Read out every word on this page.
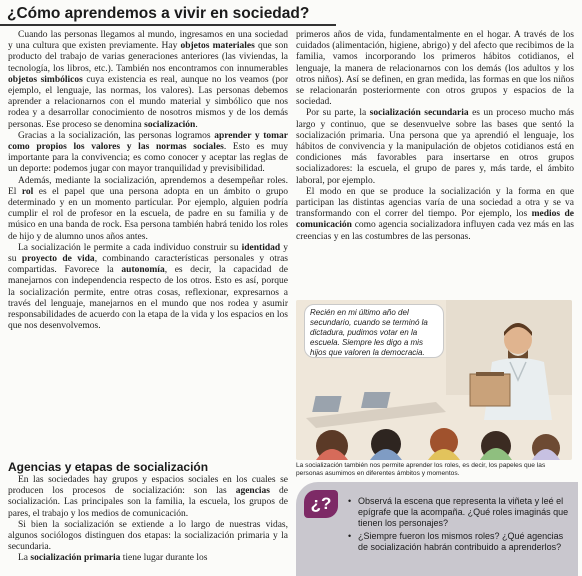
¿Cómo aprendemos a vivir en sociedad?

Cuando las personas llegamos al mundo, ingresamos en una sociedad y una cultura que existen previamente. Hay objetos materiales que son producto del trabajo de varias generaciones anteriores (las viviendas, la tecnología, los libros, etc.). También nos encontramos con innumerables objetos simbólicos cuya existencia es real, aunque no los veamos (por ejemplo, el lenguaje, las normas, los valores). Las personas debemos aprender a relacionarnos con el mundo material y simbólico que nos rodea y a desarrollar conocimiento de nosotros mismos y de los demás personas. Ese proceso se denomina socialización.

Gracias a la socialización, las personas logramos aprender y tomar como propios los valores y las normas sociales. Esto es muy importante para la convivencia; es como conocer y aceptar las reglas de un deporte: podemos jugar con mayor tranquilidad y previsibilidad.

Además, mediante la socialización, aprendemos a desempeñar roles. El rol es el papel que una persona adopta en un ámbito o grupo determinado y en un momento particular. Por ejemplo, alguien podría cumplir el rol de profesor en la escuela, de padre en su familia y de músico en una banda de rock. Esa persona también habrá tenido los roles de hijo y de alumno unos años antes.

La socialización le permite a cada individuo construir su identidad y su proyecto de vida, combinando características personales y otras compartidas. Favorece la autonomía, es decir, la capacidad de manejarnos con independencia respecto de los otros. Esto es así, porque la socialización permite, entre otras cosas, reflexionar, expresarnos a través del lenguaje, manejarnos en el mundo que nos rodea y asumir responsabilidades de acuerdo con la etapa de la vida y los espacios en los que nos desenvolvemos.

Agencias y etapas de socialización

En las sociedades hay grupos y espacios sociales en los cuales se producen los procesos de socialización: son las agencias de socialización. Las principales son la familia, la escuela, los grupos de pares, el trabajo y los medios de comunicación.

Si bien la socialización se extiende a lo largo de nuestras vidas, algunos sociólogos distinguen dos etapas: la socialización primaria y la secundaria.

La socialización primaria tiene lugar durante los

primeros años de vida, fundamentalmente en el hogar. A través de los cuidados (alimentación, higiene, abrigo) y del afecto que recibimos de la familia, vamos incorporando los primeros hábitos cotidianos, el lenguaje, la manera de relacionarnos con los demás (los adultos y los otros niños). Así se definen, en gran medida, las formas en que los niños se relacionarán posteriormente con otros grupos y espacios de la sociedad.

Por su parte, la socialización secundaria es un proceso mucho más largo y continuo, que se desenvuelve sobre las bases que sentó la socialización primaria. Una persona que ya aprendió el lenguaje, los hábitos de convivencia y la manipulación de objetos cotidianos está en condiciones más favorables para insertarse en otros grupos socializadores: la escuela, el grupo de pares y, más tarde, el ámbito laboral, por ejemplo.

El modo en que se produce la socialización y la forma en que participan las distintas agencias varía de una sociedad a otra y se va transformando con el correr del tiempo. Por ejemplo, los medios de comunicación como agencia socializadora influyen cada vez más en las creencias y en las costumbres de las personas.

Recién en mi último año del secundario, cuando se terminó la dictadura, pudimos votar en la escuela. Siempre les digo a mis hijos que valoren la democracia.
La socialización también nos permite aprender los roles, es decir, los papeles que las personas asumimos en diferentes ámbitos y momentos.
¿?
•	Observá la escena que representa la viñeta y leé el epígrafe que la acompaña. ¿Qué roles imaginás que tienen los personajes?
• ¿Siempre fueron los mismos roles? ¿Qué agencias de socialización habrán contribuido a aprenderlos?
